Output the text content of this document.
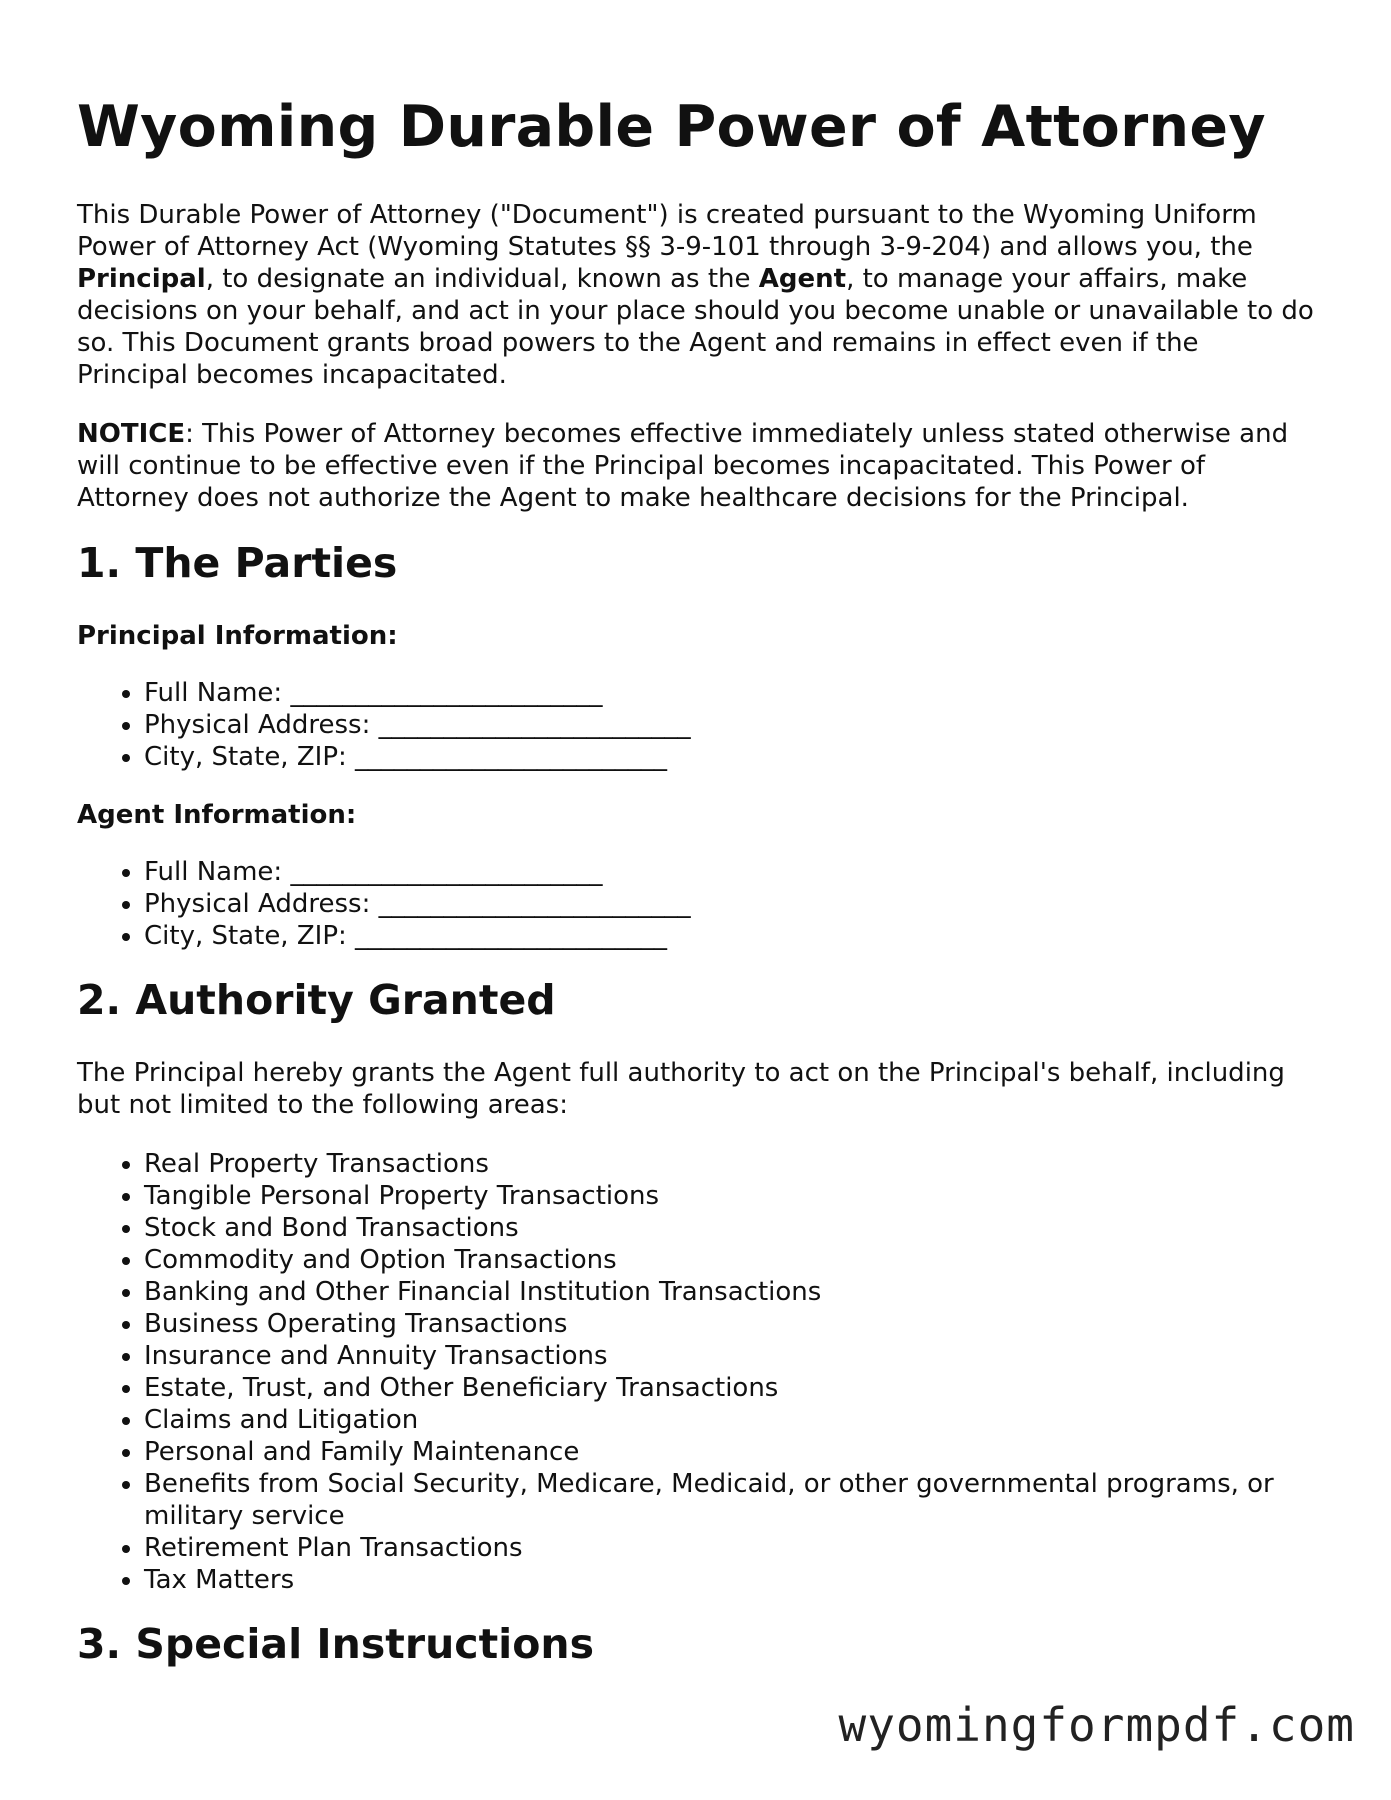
Wyoming Durable Power of Attorney

This Durable Power of Attorney ("Document") is created pursuant to the Wyoming Uniform Power of Attorney Act (Wyoming Statutes §§ 3-9-101 through 3-9-204) and allows you, the Principal, to designate an individual, known as the Agent, to manage your affairs, make decisions on your behalf, and act in your place should you become unable or unavailable to do so. This Document grants broad powers to the Agent and remains in effect even if the Principal becomes incapacitated.

NOTICE: This Power of Attorney becomes effective immediately unless stated otherwise and will continue to be effective even if the Principal becomes incapacitated. This Power of Attorney does not authorize the Agent to make healthcare decisions for the Principal.

1. The Parties
Principal Information:
• Full Name: ________________________
• Physical Address: ________________________
• City, State, ZIP: ________________________
Agent Information:
• Full Name: ________________________
• Physical Address: ________________________
• City, State, ZIP: ________________________
2. Authority Granted

The Principal hereby grants the Agent full authority to act on the Principal's behalf, including but not limited to the following areas:

• Real Property Transactions
• Tangible Personal Property Transactions
• Stock and Bond Transactions
• Commodity and Option Transactions
• Banking and Other Financial Institution Transactions
• Business Operating Transactions
• Insurance and Annuity Transactions
• Estate, Trust, and Other Beneficiary Transactions
• Claims and Litigation
• Personal and Family Maintenance
• Benefits from Social Security, Medicare, Medicaid, or other governmental programs, or military service
• Retirement Plan Transactions
• Tax Matters
3. Special Instructions
wyomingformpdf.com
